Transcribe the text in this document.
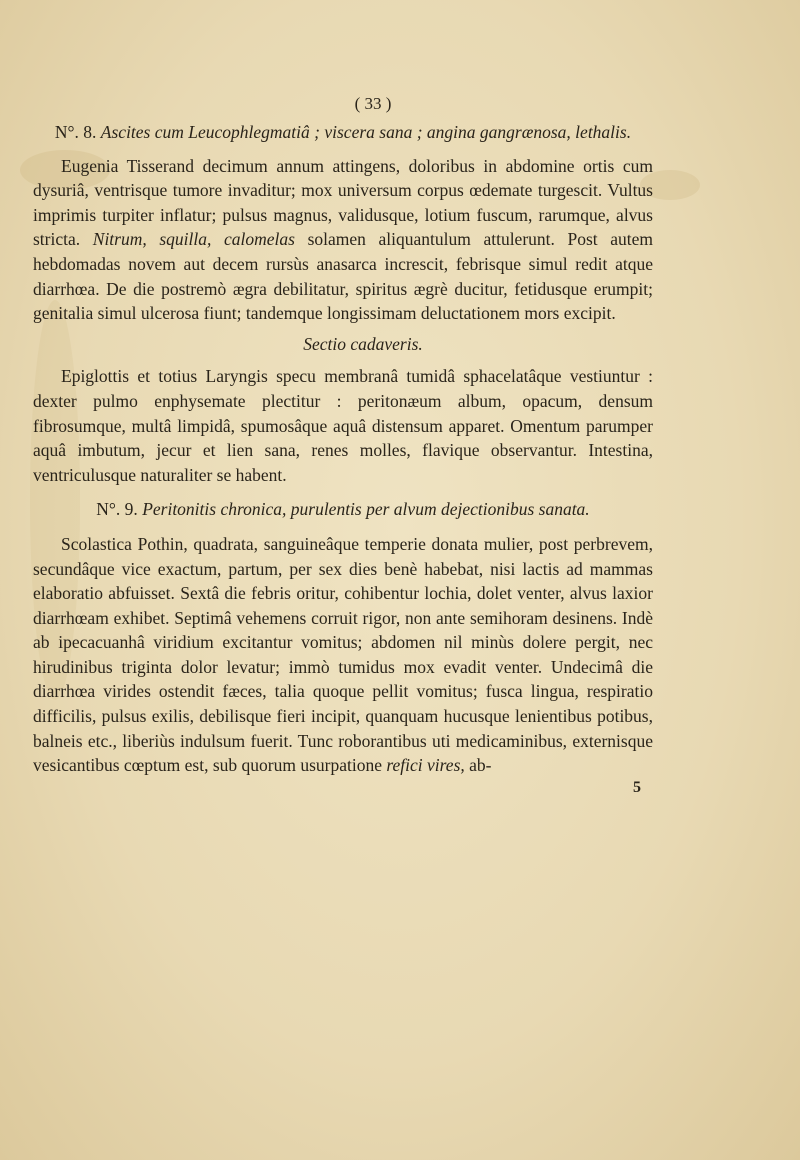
( 33 )
N°. 8. Ascites cum Leucophlegmatiâ ; viscera sana ; angina gangrænosa, lethalis.

Eugenia Tisserand decimum annum attingens, doloribus in abdomine ortis cum dysuriâ, ventrisque tumore invaditur; mox universum corpus œdemate turgescit. Vultus imprimis turpiter inflatur; pulsus magnus, validusque, lotium fuscum, rarumque, alvus stricta. Nitrum, squilla, calomelas solamen aliquantulum attulerunt. Post autem hebdomadas novem aut decem rursùs anasarca increscit, febrisque simul redit atque diarrhœa. De die postremò ægra debilitatur, spiritus ægrè ducitur, fetidusque erumpit; genitalia simul ulcerosa fiunt; tandemque longissimam deluctationem mors excipit.

Sectio cadaveris.

Epiglottis et totius Laryngis specu membranâ tumidâ sphacelatâque vestiuntur : dexter pulmo enphysemate plectitur : peritonæum album, opacum, densum fibrosumque, multâ limpidâ, spumosâque aquâ distensum apparet. Omentum parumper aquâ imbutum, jecur et lien sana, renes molles, flavique observantur. Intestina, ventriculusque naturaliter se habent.

N°. 9. Peritonitis chronica, purulentis per alvum dejectionibus sanata.

Scolastica Pothin, quadrata, sanguineâque temperie donata mulier, post perbrevem, secundâque vice exactum, partum, per sex dies benè habebat, nisi lactis ad mammas elaboratio abfuisset. Sextâ die febris oritur, cohibentur lochia, dolet venter, alvus laxior diarrhœam exhibet. Septimâ vehemens corruit rigor, non ante semihoram desinens. Indè ab ipecacuanhâ viridium excitantur vomitus; abdomen nil minùs dolere pergit, nec hirudinibus triginta dolor levatur; immò tumidus mox evadit venter. Undecimâ die diarrhœa virides ostendit fæces, talia quoque pellit vomitus; fusca lingua, respiratio difficilis, pulsus exilis, debilisque fieri incipit, quanquam hucusque lenientibus potibus, balneis etc., liberiùs indulsum fuerit. Tunc roborantibus uti medicaminibus, externisque vesicantibus cœptum est, sub quorum usurpatione refici vires, ab-

5
